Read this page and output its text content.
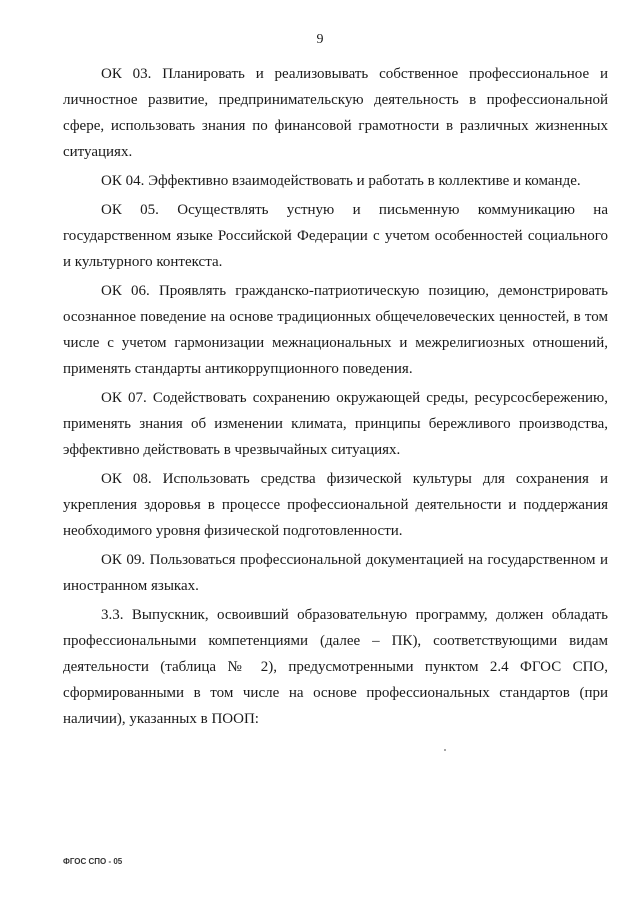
9

ОК 03. Планировать и реализовывать собственное профессиональное и личностное развитие, предпринимательскую деятельность в профессиональной сфере, использовать знания по финансовой грамотности в различных жизненных ситуациях.

ОК 04. Эффективно взаимодействовать и работать в коллективе и команде.

ОК 05. Осуществлять устную и письменную коммуникацию на государственном языке Российской Федерации с учетом особенностей социального и культурного контекста.

ОК 06. Проявлять гражданско-патриотическую позицию, демонстрировать осознанное поведение на основе традиционных общечеловеческих ценностей, в том числе с учетом гармонизации межнациональных и межрелигиозных отношений, применять стандарты антикоррупционного поведения.

ОК 07. Содействовать сохранению окружающей среды, ресурсосбережению, применять знания об изменении климата, принципы бережливого производства, эффективно действовать в чрезвычайных ситуациях.

ОК 08. Использовать средства физической культуры для сохранения и укрепления здоровья в процессе профессиональной деятельности и поддержания необходимого уровня физической подготовленности.

ОК 09. Пользоваться профессиональной документацией на государственном и иностранном языках.

3.3. Выпускник, освоивший образовательную программу, должен обладать профессиональными компетенциями (далее – ПК), соответствующими видам деятельности (таблица № 2), предусмотренными пунктом 2.4 ФГОС СПО, сформированными в том числе на основе профессиональных стандартов (при наличии), указанных в ПООП:

ФГОС СПО - 05
